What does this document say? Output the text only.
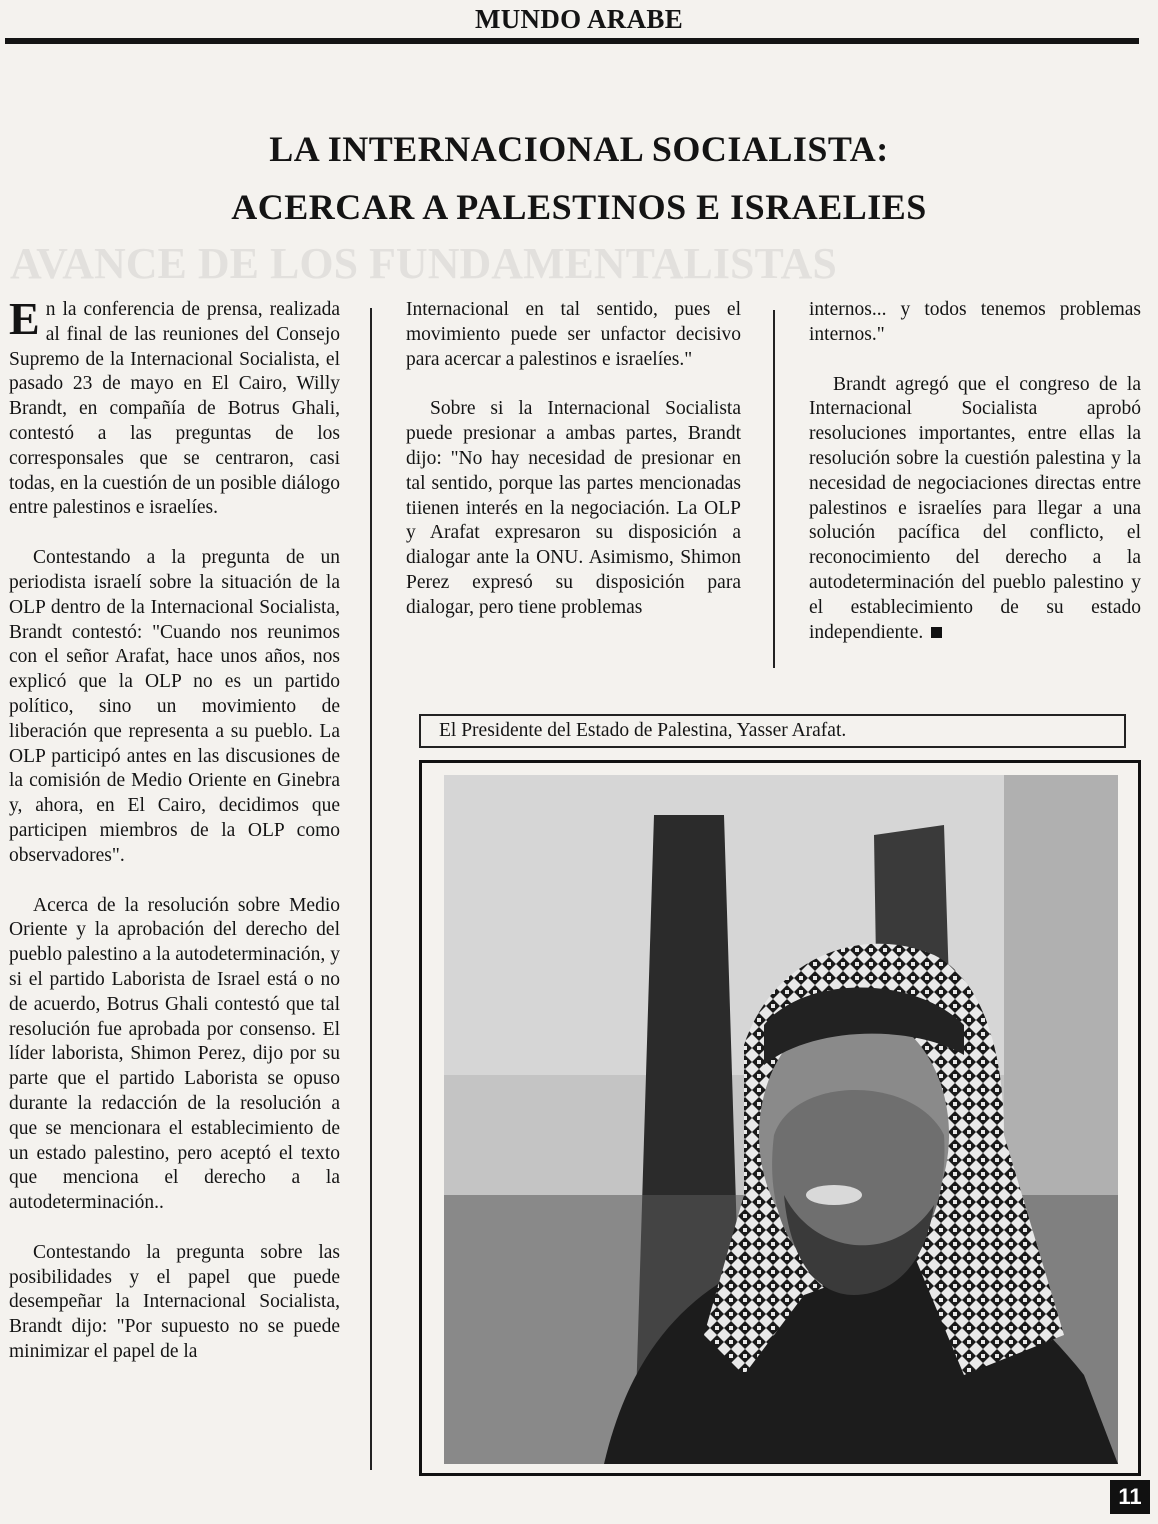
MUNDO ARABE
AVANCE DE LOS FUNDAMENTALISTAS
LA INTERNACIONAL SOCIALISTA:
ACERCAR A PALESTINOS E ISRAELIES

En la conferencia de prensa, realizada al final de las reuniones del Consejo Supremo de la Internacional Socialista, el pasado 23 de mayo en El Cairo, Willy Brandt, en compañía de Botrus Ghali, contestó a las preguntas de los corresponsales que se centraron, casi todas, en la cuestión de un posible diálogo entre palestinos e israelíes.

Contestando a la pregunta de un periodista israelí sobre la situación de la OLP dentro de la Internacional Socialista, Brandt contestó: "Cuando nos reunimos con el señor Arafat, hace unos años, nos explicó que la OLP no es un partido político, sino un movimiento de liberación que representa a su pueblo. La OLP participó antes en las discusiones de la comisión de Medio Oriente en Ginebra y, ahora, en El Cairo, decidimos que participen miembros de la OLP como observadores".

Acerca de la resolución sobre Medio Oriente y la aprobación del derecho del pueblo palestino a la autodeterminación, y si el partido Laborista de Israel está o no de acuerdo, Botrus Ghali contestó que tal resolución fue aprobada por consenso. El líder laborista, Shimon Perez, dijo por su parte que el partido Laborista se opuso durante la redacción de la resolución a que se mencionara el establecimiento de un estado palestino, pero aceptó el texto que menciona el derecho a la autodeterminación..

Contestando la pregunta sobre las posibilidades y el papel que puede desempeñar la Internacional Socialista, Brandt dijo: "Por supuesto no se puede minimizar el papel de la

Internacional en tal sentido, pues el movimiento puede ser unfactor decisivo para acercar a palestinos e israelíes."

Sobre si la Internacional Socialista puede presionar a ambas partes, Brandt dijo: "No hay necesidad de presionar en tal sentido, porque las partes mencionadas tiienen interés en la negociación. La OLP y Arafat expresaron su disposición a dialogar ante la ONU. Asimismo, Shimon Perez expresó su disposición para dialogar, pero tiene problemas

internos... y todos tenemos problemas internos."

Brandt agregó que el congreso de la Internacional Socialista aprobó resoluciones importantes, entre ellas la resolución sobre la cuestión palestina y la necesidad de negociaciones directas entre palestinos e israelíes para llegar a una solución pacífica del conflicto, el reconocimiento del derecho a la autodeterminación del pueblo palestino y el establecimiento de su estado independiente.

El Presidente del Estado de Palestina, Yasser Arafat.
11
